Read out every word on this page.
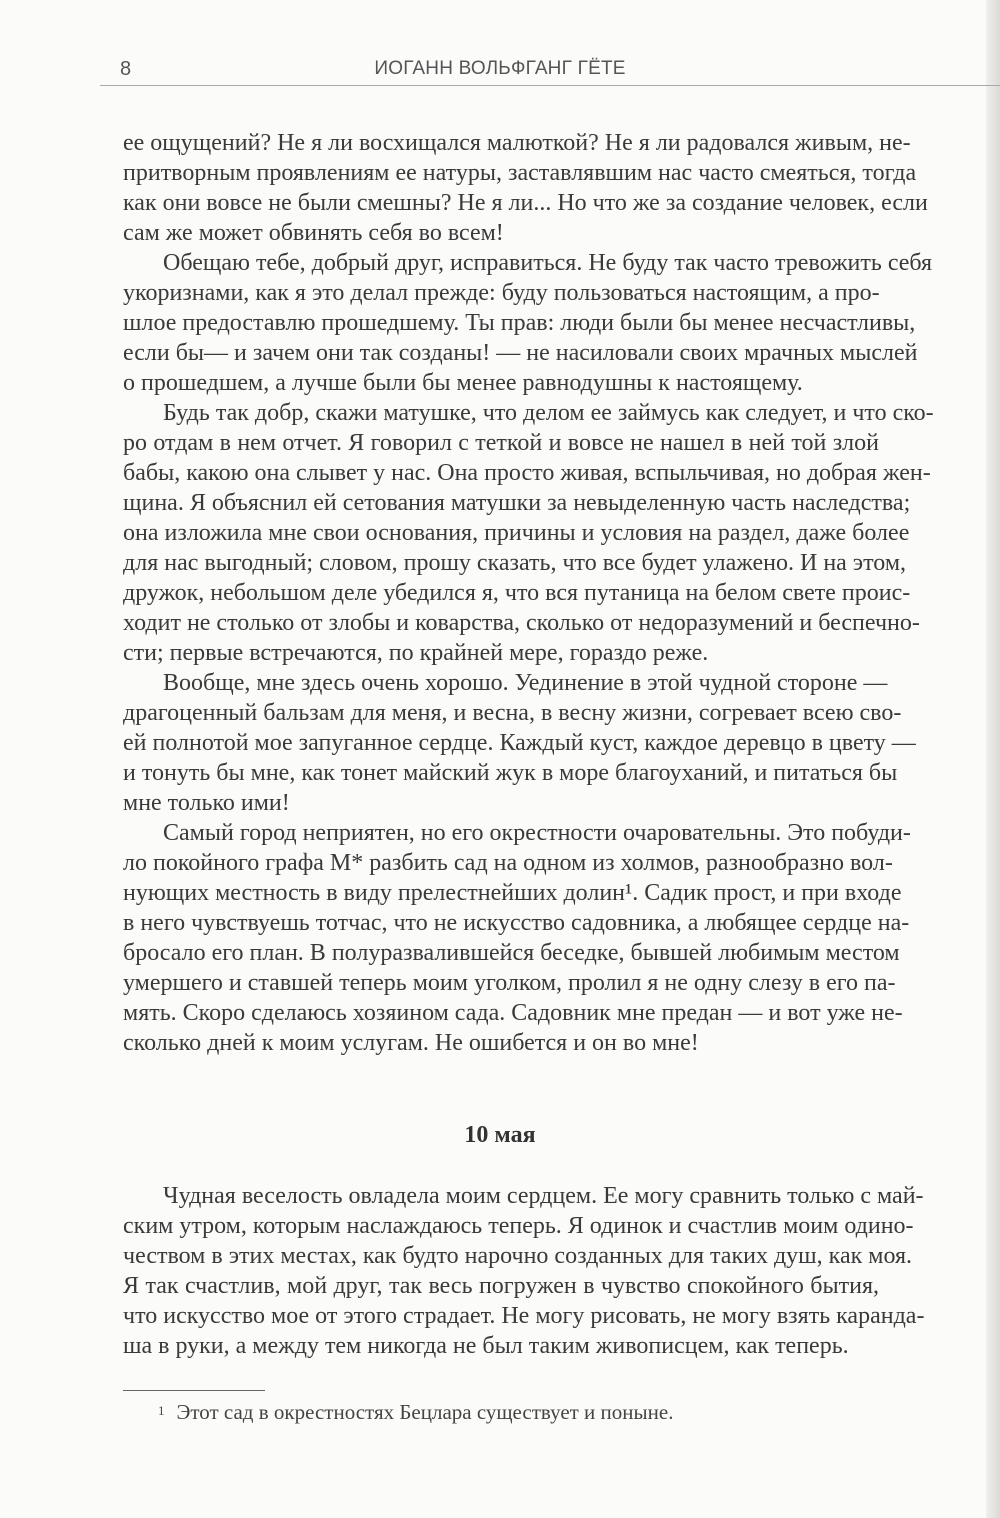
8	ИОГАНН ВОЛЬФГАНГ ГЁТЕ
ее ощущений? Не я ли восхищался малюткой? Не я ли радовался живым, не-
притворным проявлениям ее натуры, заставлявшим нас часто смеяться, тогда
как они вовсе не были смешны? Не я ли... Но что же за создание человек, если
сам же может обвинять себя во всем!
Обещаю тебе, добрый друг, исправиться. Не буду так часто тревожить себя
укоризнами, как я это делал прежде: буду пользоваться настоящим, а про-
шлое предоставлю прошедшему. Ты прав: люди были бы менее несчастливы,
если бы— и зачем они так созданы! — не насиловали своих мрачных мыслей
о прошедшем, а лучше были бы менее равнодушны к настоящему.
Будь так добр, скажи матушке, что делом ее займусь как следует, и что ско-
ро отдам в нем отчет. Я говорил с теткой и вовсе не нашел в ней той злой
бабы, какою она слывет у нас. Она просто живая, вспыльчивая, но добрая жен-
щина. Я объяснил ей сетования матушки за невыделенную часть наследства;
она изложила мне свои основания, причины и условия на раздел, даже более
для нас выгодный; словом, прошу сказать, что все будет улажено. И на этом,
дружок, небольшом деле убедился я, что вся путаница на белом свете проис-
ходит не столько от злобы и коварства, сколько от недоразумений и беспечно-
сти; первые встречаются, по крайней мере, гораздо реже.
Вообще, мне здесь очень хорошо. Уединение в этой чудной стороне —
драгоценный бальзам для меня, и весна, в весну жизни, согревает всею сво-
ей полнотой мое запуганное сердце. Каждый куст, каждое деревцо в цвету —
и тонуть бы мне, как тонет майский жук в море благоуханий, и питаться бы
мне только ими!
Самый город неприятен, но его окрестности очаровательны. Это побуди-
ло покойного графа М* разбить сад на одном из холмов, разнообразно вол-
нующих местность в виду прелестнейших долин¹. Садик прост, и при входе
в него чувствуешь тотчас, что не искусство садовника, а любящее сердце на-
бросало его план. В полуразвалившейся беседке, бывшей любимым местом
умершего и ставшей теперь моим уголком, пролил я не одну слезу в его па-
мять. Скоро сделаюсь хозяином сада. Садовник мне предан — и вот уже не-
сколько дней к моим услугам. Не ошибется и он во мне!
10 мая
Чудная веселость овладела моим сердцем. Ее могу сравнить только с май-
ским утром, которым наслаждаюсь теперь. Я одинок и счастлив моим одино-
чеством в этих местах, как будто нарочно созданных для таких душ, как моя.
Я так счастлив, мой друг, так весь погружен в чувство спокойного бытия,
что искусство мое от этого страдает. Не могу рисовать, не могу взять каранда-
ша в руки, а между тем никогда не был таким живописцем, как теперь.
$^1$ Этот сад в окрестностях Бецлара существует и поныне.
